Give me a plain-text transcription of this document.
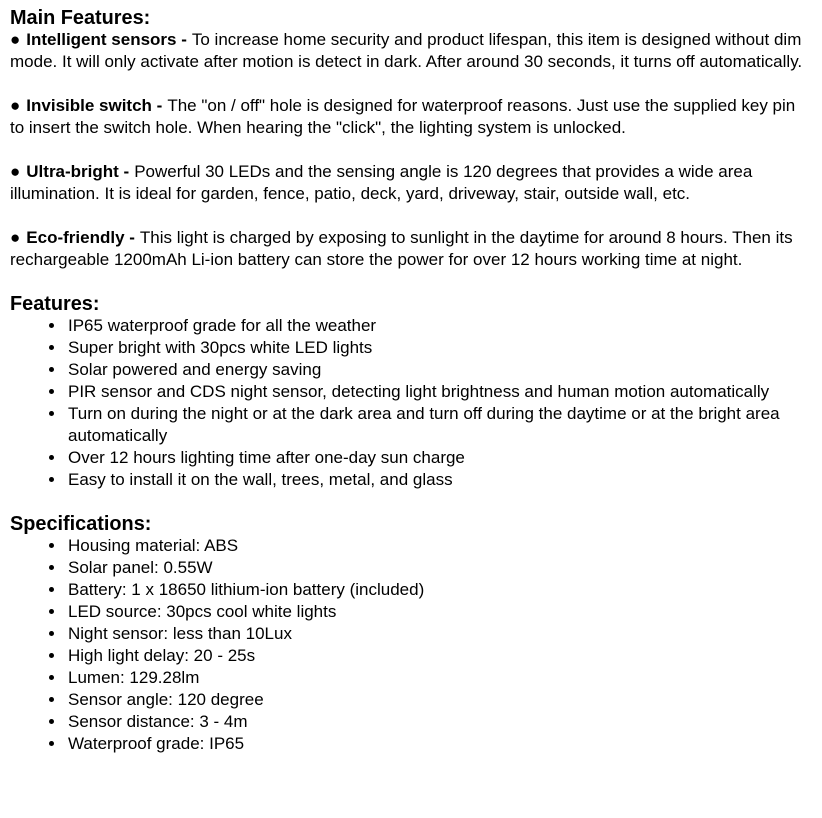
Main Features:

● Intelligent sensors - To increase home security and product lifespan, this item is designed without dim mode. It will only activate after motion is detect in dark. After around 30 seconds, it turns off automatically.

● Invisible switch - The "on / off" hole is designed for waterproof reasons. Just use the supplied key pin to insert the switch hole. When hearing the "click", the lighting system is unlocked.

● Ultra-bright - Powerful 30 LEDs and the sensing angle is 120 degrees that provides a wide area illumination. It is ideal for garden, fence, patio, deck, yard, driveway, stair, outside wall, etc.

● Eco-friendly - This light is charged by exposing to sunlight in the daytime for around 8 hours. Then its rechargeable 1200mAh Li-ion battery can store the power for over 12 hours working time at night.

Features:
• IP65 waterproof grade for all the weather
• Super bright with 30pcs white LED lights
• Solar powered and energy saving
• PIR sensor and CDS night sensor, detecting light brightness and human motion automatically
• Turn on during the night or at the dark area and turn off during the daytime or at the bright area automatically
• Over 12 hours lighting time after one-day sun charge
• Easy to install it on the wall, trees, metal, and glass
Specifications:
• Housing material: ABS
• Solar panel: 0.55W
• Battery: 1 x 18650 lithium-ion battery (included)
• LED source: 30pcs cool white lights
• Night sensor: less than 10Lux
• High light delay: 20 - 25s
• Lumen: 129.28lm
• Sensor angle: 120 degree
• Sensor distance: 3 - 4m
• Waterproof grade: IP65
